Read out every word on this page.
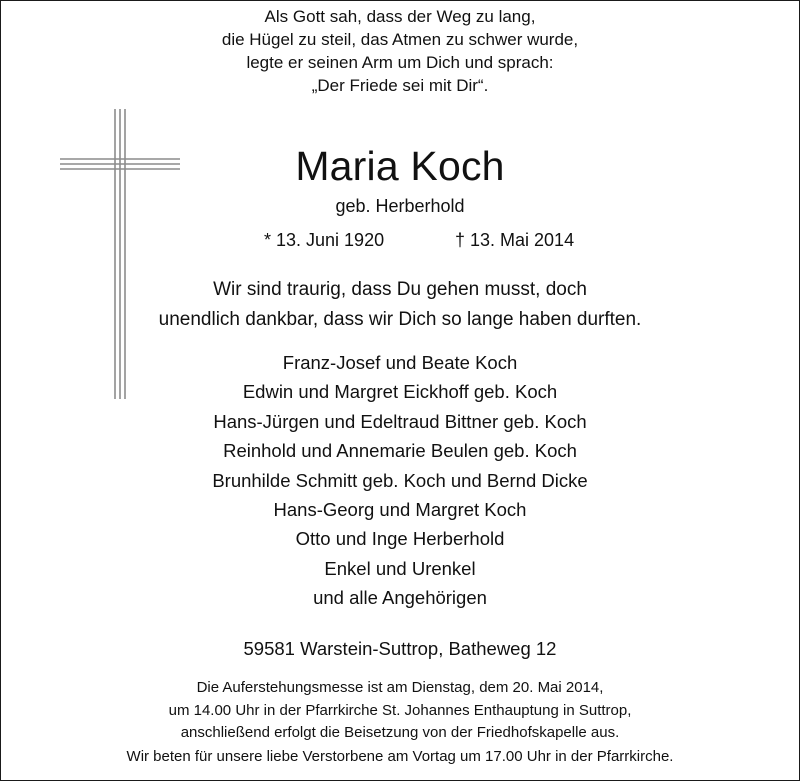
Als Gott sah, dass der Weg zu lang,
die Hügel zu steil, das Atmen zu schwer wurde,
legte er seinen Arm um Dich und sprach:
„Der Friede sei mit Dir“.
Maria Koch
geb. Herberhold
* 13. Juni 1920	† 13. Mai 2014
Wir sind traurig, dass Du gehen musst, doch
unendlich dankbar, dass wir Dich so lange haben durften.
Franz-Josef und Beate Koch
Edwin und Margret Eickhoff geb. Koch
Hans-Jürgen und Edeltraud Bittner geb. Koch
Reinhold und Annemarie Beulen geb. Koch
Brunhilde Schmitt geb. Koch und Bernd Dicke
Hans-Georg und Margret Koch
Otto und Inge Herberhold
Enkel und Urenkel
und alle Angehörigen
59581 Warstein-Suttrop, Batheweg 12
Die Auferstehungsmesse ist am Dienstag, dem 20. Mai 2014,
um 14.00 Uhr in der Pfarrkirche St. Johannes Enthauptung in Suttrop,
anschließend erfolgt die Beisetzung von der Friedhofskapelle aus.
Wir beten für unsere liebe Verstorbene am Vortag um 17.00 Uhr in der Pfarrkirche.
